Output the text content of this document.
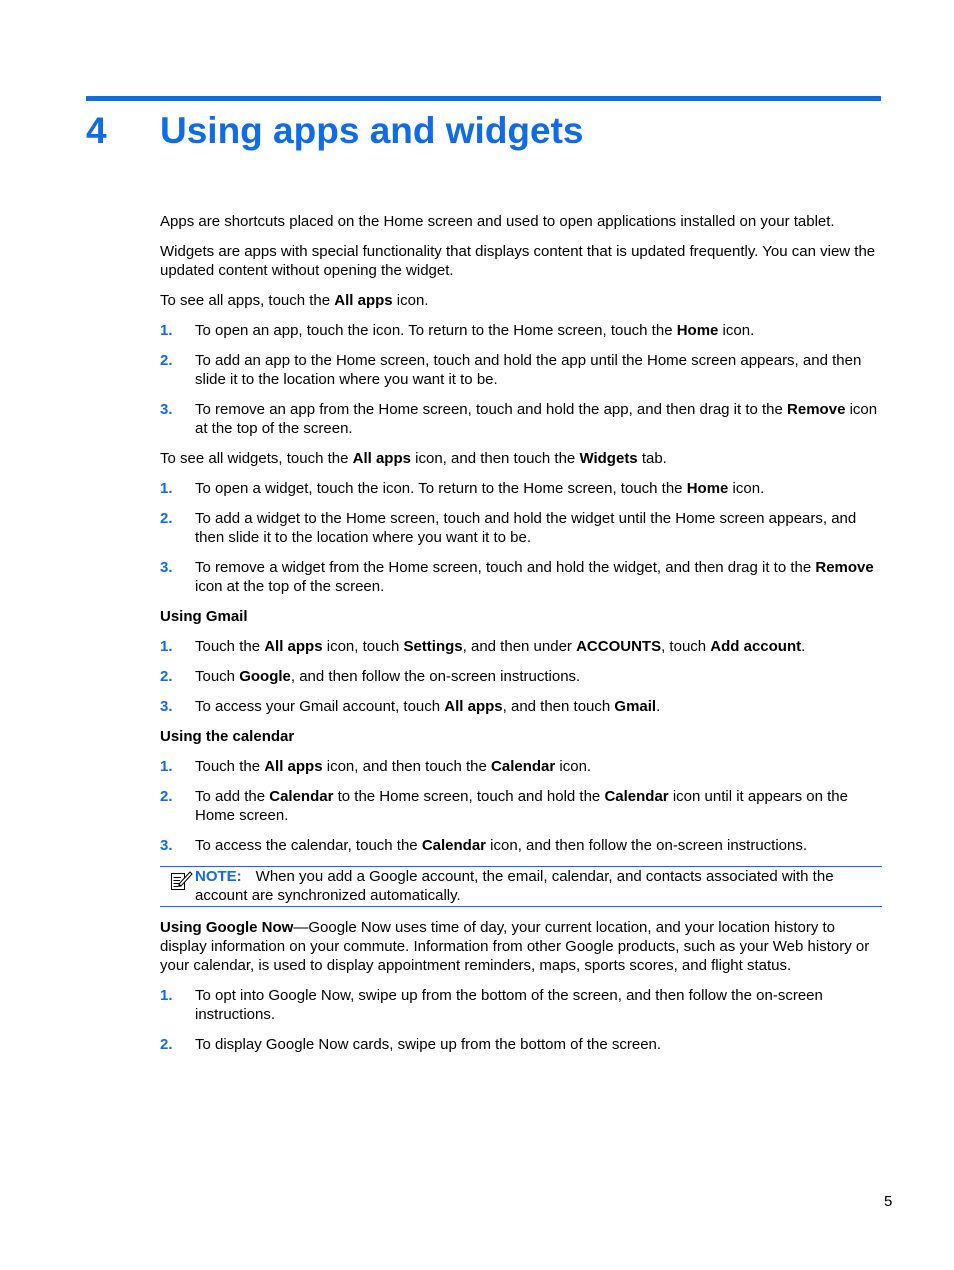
4 Using apps and widgets

Apps are shortcuts placed on the Home screen and used to open applications installed on your tablet.

Widgets are apps with special functionality that displays content that is updated frequently. You can view the updated content without opening the widget.

To see all apps, touch the All apps icon.

1. To open an app, touch the icon. To return to the Home screen, touch the Home icon.
2. To add an app to the Home screen, touch and hold the app until the Home screen appears, and then slide it to the location where you want it to be.
3. To remove an app from the Home screen, touch and hold the app, and then drag it to the Remove icon at the top of the screen.

To see all widgets, touch the All apps icon, and then touch the Widgets tab.

1. To open a widget, touch the icon. To return to the Home screen, touch the Home icon.
2. To add a widget to the Home screen, touch and hold the widget until the Home screen appears, and then slide it to the location where you want it to be.
3. To remove a widget from the Home screen, touch and hold the widget, and then drag it to the Remove icon at the top of the screen.

Using Gmail

1. Touch the All apps icon, touch Settings, and then under ACCOUNTS, touch Add account.
2. Touch Google, and then follow the on-screen instructions.
3. To access your Gmail account, touch All apps, and then touch Gmail.

Using the calendar

1. Touch the All apps icon, and then touch the Calendar icon.
2. To add the Calendar to the Home screen, touch and hold the Calendar icon until it appears on the Home screen.
3. To access the calendar, touch the Calendar icon, and then follow the on-screen instructions.
NOTE: When you add a Google account, the email, calendar, and contacts associated with the account are synchronized automatically.

Using Google Now—Google Now uses time of day, your current location, and your location history to display information on your commute. Information from other Google products, such as your Web history or your calendar, is used to display appointment reminders, maps, sports scores, and flight status.

1. To opt into Google Now, swipe up from the bottom of the screen, and then follow the on-screen instructions.
2. To display Google Now cards, swipe up from the bottom of the screen.
5
